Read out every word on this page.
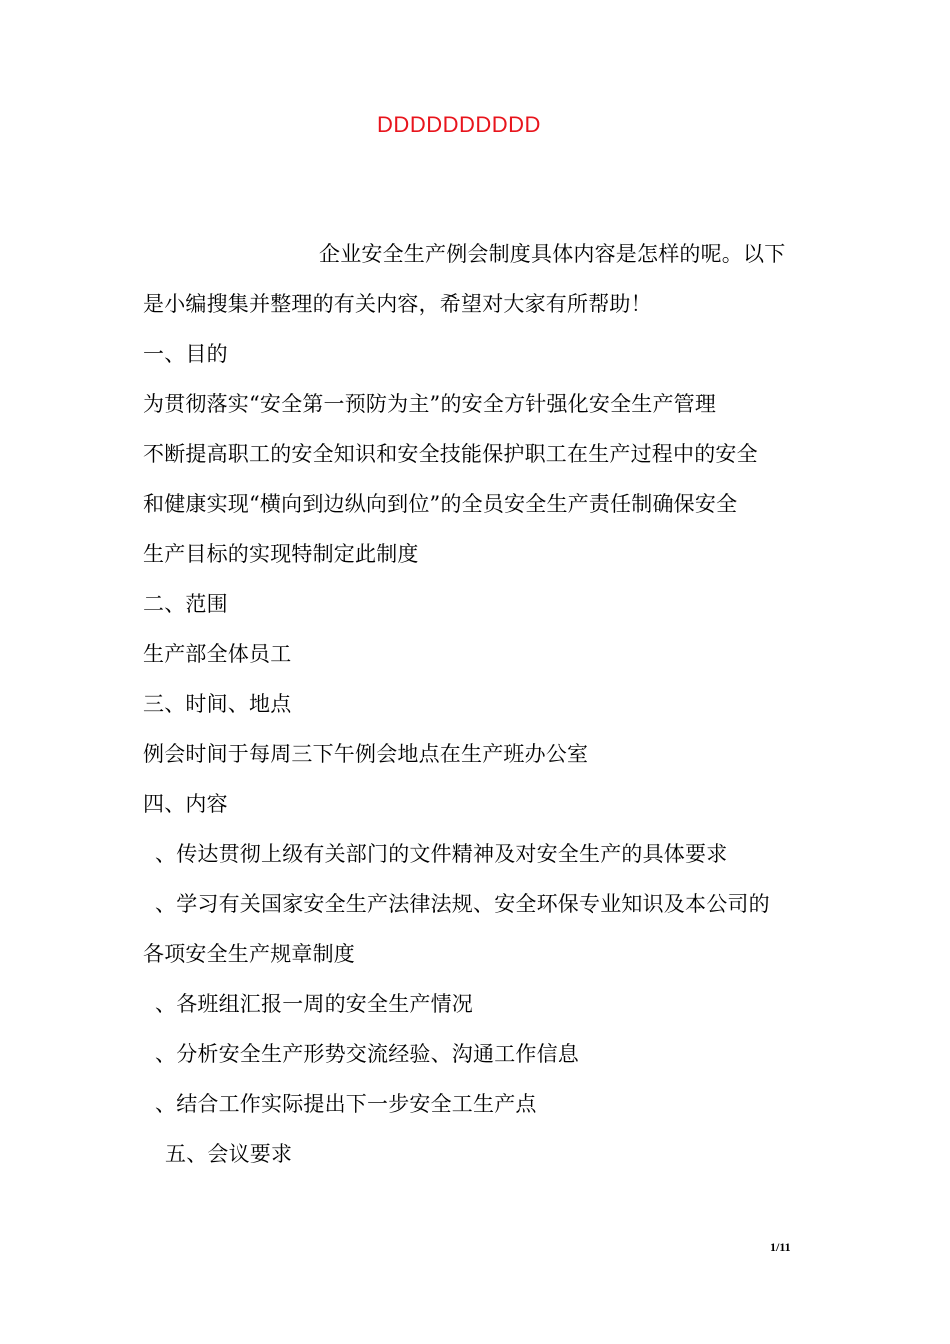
DDDDDDDDDD
企业安全生产例会制度具体内容是怎样的呢。以下
是小编搜集并整理的有关内容，希望对大家有所帮助！
一、目的
为贯彻落实“安全第一预防为主”的安全方针强化安全生产管理
不断提高职工的安全知识和安全技能保护职工在生产过程中的安全
和健康实现“横向到边纵向到位”的全员安全生产责任制确保安全
生产目标的实现特制定此制度
二、范围
生产部全体员工
三、时间、地点
例会时间于每周三下午例会地点在生产班办公室
四、内容
、传达贯彻上级有关部门的文件精神及对安全生产的具体要求
、学习有关国家安全生产法律法规、安全环保专业知识及本公司的
各项安全生产规章制度
、各班组汇报一周的安全生产情况
、分析安全生产形势交流经验、沟通工作信息
、结合工作实际提出下一步安全工生产点
五、会议要求
1/11
